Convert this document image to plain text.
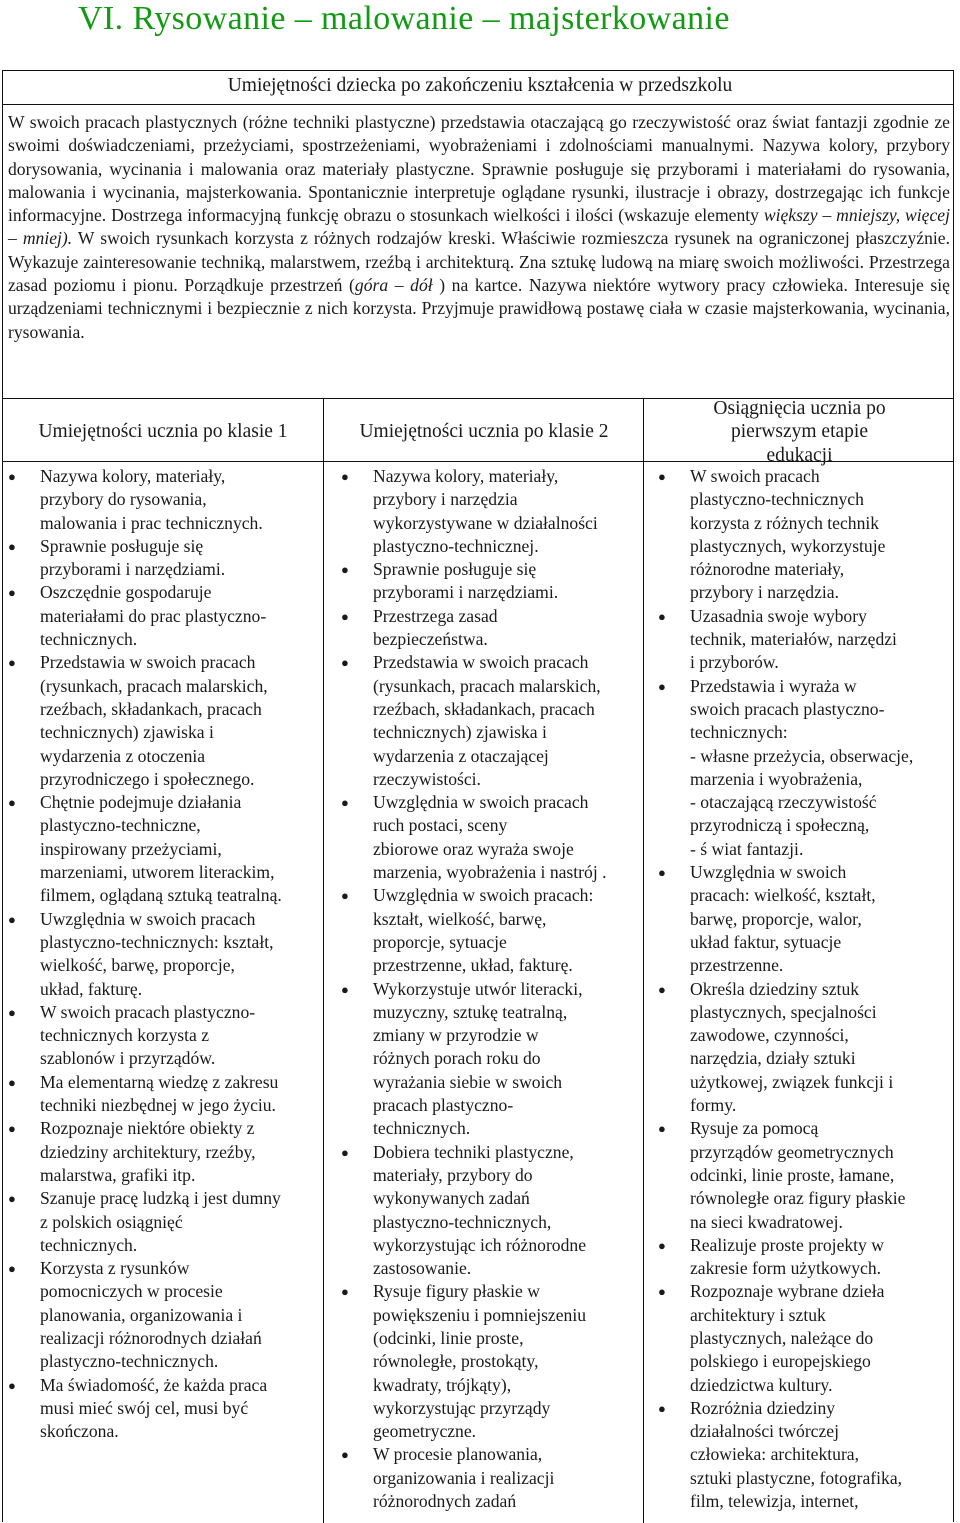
VI. Rysowanie – malowanie – majsterkowanie
Umiejętności dziecka po zakończeniu kształcenia w przedszkolu

W swoich pracach plastycznych (różne techniki plastyczne) przedstawia otaczającą go rzeczywistość oraz świat fantazji zgodnie ze swoimi doświadczeniami, przeżyciami, spostrzeżeniami, wyobrażeniami i zdolnościami manualnymi. Nazywa kolory, przybory dorysowania, wycinania i malowania oraz materiały plastyczne. Sprawnie posługuje się przyborami i materiałami do rysowania, malowania i wycinania, majsterkowania. Spontanicznie interpretuje oglądane rysunki, ilustracje i obrazy, dostrzegając ich funkcje informacyjne. Dostrzega informacyjną funkcję obrazu o stosunkach wielkości i ilości (wskazuje elementy większy – mniejszy, więcej – mniej). W swoich rysunkach korzysta z różnych rodzajów kreski. Właściwie rozmieszcza rysunek na ograniczonej płaszczyźnie. Wykazuje zainteresowanie techniką, malarstwem, rzeźbą i architekturą. Zna sztukę ludową na miarę swoich możliwości. Przestrzega zasad poziomu i pionu. Porządkuje przestrzeń (góra – dół ) na kartce. Nazywa niektóre wytwory pracy człowieka. Interesuje się urządzeniami technicznymi i bezpiecznie z nich korzysta. Przyjmuje prawidłową postawę ciała w czasie majsterkowania, wycinania, rysowania.

Umiejętności ucznia po klasie 1	Umiejętności ucznia po klasie 2
Osiągnięcia ucznia po
pierwszym etapie
edukacji
● Nazywa kolory, materiały,
przybory do rysowania,
malowania i prac technicznych.
● Sprawnie posługuje się
przyborami i narzędziami.
● Oszczędnie gospodaruje
materiałami do prac plastyczno-
technicznych.
● Przedstawia w swoich pracach
(rysunkach, pracach malarskich,
rzeźbach, składankach, pracach
technicznych) zjawiska i
wydarzenia z otoczenia
przyrodniczego i społecznego.
● Chętnie podejmuje działania
plastyczno-techniczne,
inspirowany przeżyciami,
marzeniami, utworem literackim,
filmem, oglądaną sztuką teatralną.
● Uwzględnia w swoich pracach
plastyczno-technicznych: kształt,
wielkość, barwę, proporcje,
układ, fakturę.
● W swoich pracach plastyczno-
technicznych korzysta z
szablonów i przyrządów.
● Ma elementarną wiedzę z zakresu
techniki niezbędnej w jego życiu.
● Rozpoznaje niektóre obiekty z
dziedziny architektury, rzeźby,
malarstwa, grafiki itp.
● Szanuje pracę ludzką i jest dumny
z polskich osiągnięć
technicznych.
● Korzysta z rysunków
pomocniczych w procesie
planowania, organizowania i
realizacji różnorodnych działań
plastyczno-technicznych.
● Ma świadomość, że każda praca
musi mieć swój cel, musi być
skończona.
● Nazywa kolory, materiały,
przybory i narzędzia
wykorzystywane w działalności
plastyczno-technicznej.
● Sprawnie posługuje się
przyborami i narzędziami.
● Przestrzega zasad
bezpieczeństwa.
● Przedstawia w swoich pracach
(rysunkach, pracach malarskich,
rzeźbach, składankach, pracach
technicznych) zjawiska i
wydarzenia z otaczającej
rzeczywistości.
● Uwzględnia w swoich pracach
ruch postaci, sceny
zbiorowe oraz wyraża swoje
marzenia, wyobrażenia i nastrój .
● Uwzględnia w swoich pracach:
kształt, wielkość, barwę,
proporcje, sytuacje
przestrzenne, układ, fakturę.
● Wykorzystuje utwór literacki,
muzyczny, sztukę teatralną,
zmiany w przyrodzie w
różnych porach roku do
wyrażania siebie w swoich
pracach plastyczno-
technicznych.
● Dobiera techniki plastyczne,
materiały, przybory do
wykonywanych zadań
plastyczno-technicznych,
wykorzystując ich różnorodne
zastosowanie.
● Rysuje figury płaskie w
powiększeniu i pomniejszeniu
(odcinki, linie proste,
równoległe, prostokąty,
kwadraty, trójkąty),
wykorzystując przyrządy
geometryczne.
● W procesie planowania,
organizowania i realizacji
różnorodnych zadań
● W swoich pracach
plastyczno-technicznych
korzysta z różnych technik
plastycznych, wykorzystuje
różnorodne materiały,
przybory i narzędzia.
● Uzasadnia swoje wybory
technik, materiałów, narzędzi
i przyborów.
● Przedstawia i wyraża w
swoich pracach plastyczno-
technicznych:
- własne przeżycia, obserwacje,
marzenia i wyobrażenia,
- otaczającą rzeczywistość
przyrodniczą i społeczną,
- ś wiat fantazji.
● Uwzględnia w swoich
pracach: wielkość, kształt,
barwę, proporcje, walor,
układ faktur, sytuacje
przestrzenne.
● Określa dziedziny sztuk
plastycznych, specjalności
zawodowe, czynności,
narzędzia, działy sztuki
użytkowej, związek funkcji i
formy.
● Rysuje za pomocą
przyrządów geometrycznych
odcinki, linie proste, łamane,
równoległe oraz figury płaskie
na sieci kwadratowej.
● Realizuje proste projekty w
zakresie form użytkowych.
● Rozpoznaje wybrane dzieła
architektury i sztuk
plastycznych, należące do
polskiego i europejskiego
dziedzictwa kultury.
● Rozróżnia dziedziny
działalności twórczej
człowieka: architektura,
sztuki plastyczne, fotografika,
film, telewizja, internet,
